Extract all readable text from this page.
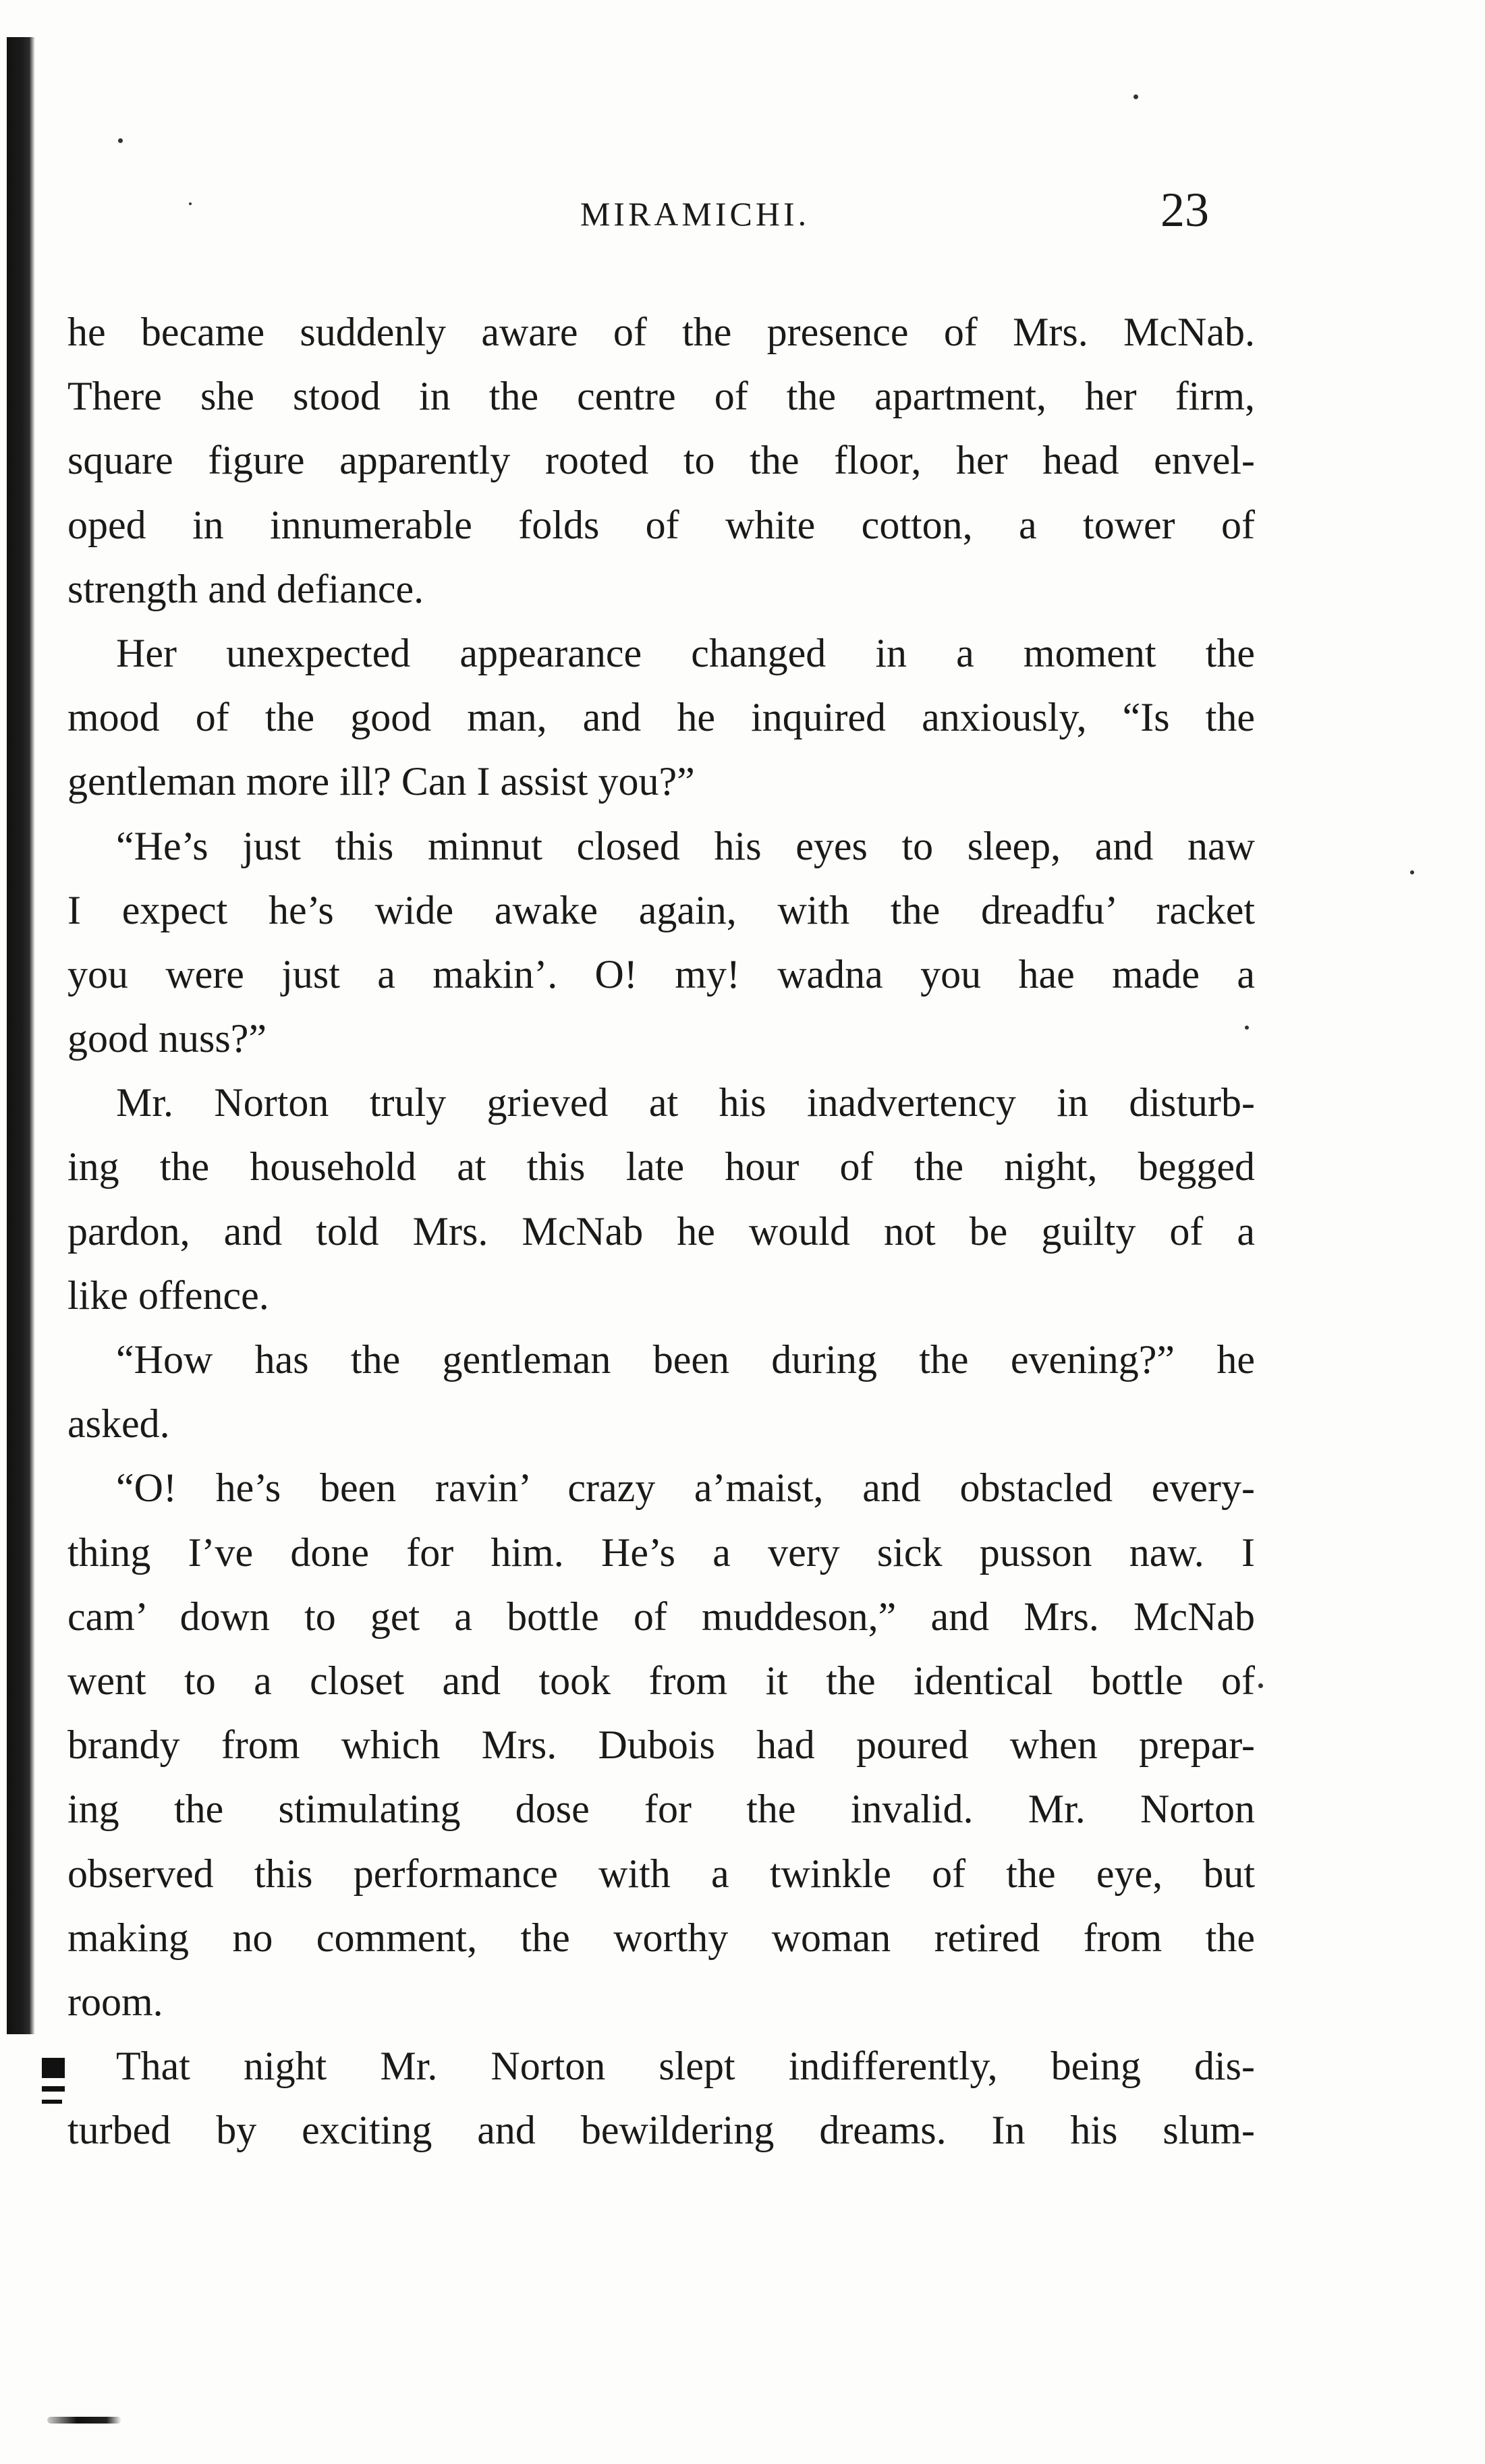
MIRAMICHI.	23
he became suddenly aware of the presence of Mrs. McNab.
There she stood in the centre of the apartment, her firm,
square figure apparently rooted to the floor, her head envel-
oped in innumerable folds of white cotton, a tower of
strength and defiance.
Her unexpected appearance changed in a moment the
mood of the good man, and he inquired anxiously, “Is the
gentleman more ill? Can I assist you?”
“He’s just this minnut closed his eyes to sleep, and naw
I expect he’s wide awake again, with the dreadfu’ racket
you were just a makin’. O! my! wadna you hae made a
good nuss?”
Mr. Norton truly grieved at his inadvertency in disturb-
ing the household at this late hour of the night, begged
pardon, and told Mrs. McNab he would not be guilty of a
like offence.
“How has the gentleman been during the evening?” he
asked.
“O! he’s been ravin’ crazy a’maist, and obstacled every-
thing I’ve done for him. He’s a very sick pusson naw. I
cam’ down to get a bottle of muddeson,” and Mrs. McNab
went to a closet and took from it the identical bottle of
brandy from which Mrs. Dubois had poured when prepar-
ing the stimulating dose for the invalid. Mr. Norton
observed this performance with a twinkle of the eye, but
making no comment, the worthy woman retired from the
room.
That night Mr. Norton slept indifferently, being dis-
turbed by exciting and bewildering dreams. In his slum-
